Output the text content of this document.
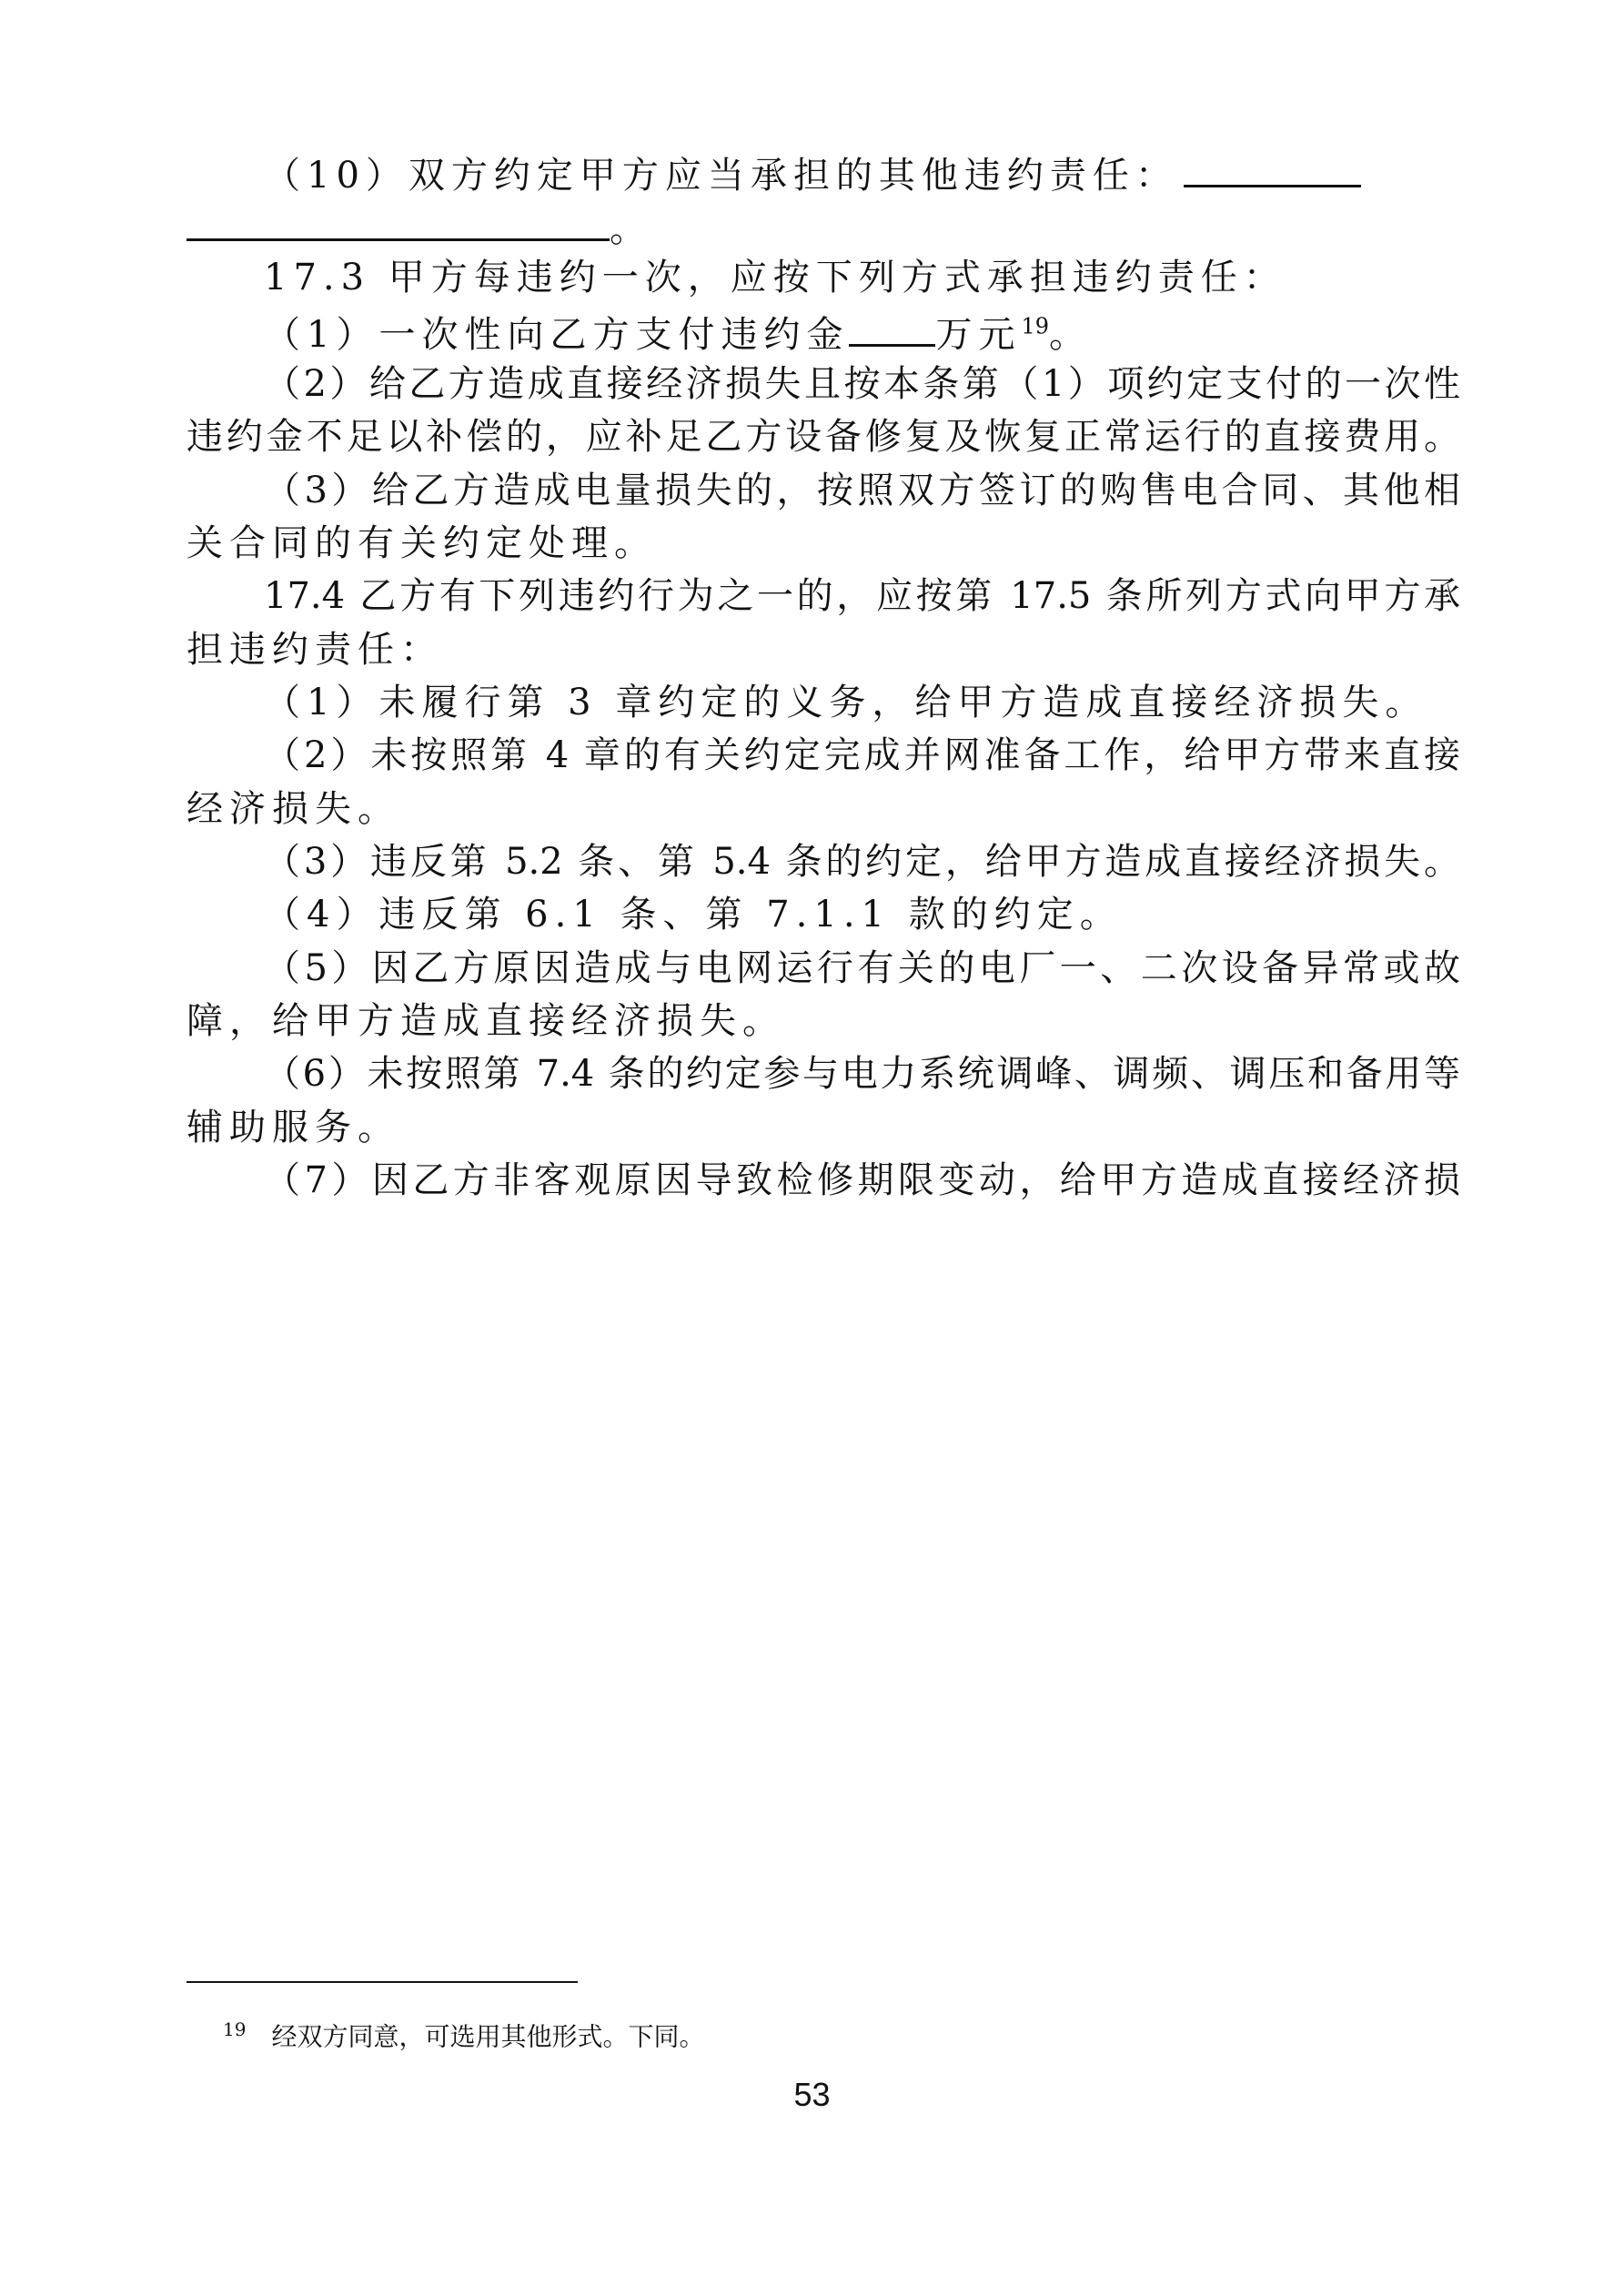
（10）双方约定甲方应当承担的其他违约责任：
。
17.3 甲方每违约一次，应按下列方式承担违约责任：
（1）一次性向乙方支付违约金 万元$^{19}$。
（2）给乙方造成直接经济损失且按本条第（1）项约定支付的一次性
违约金不足以补偿的，应补足乙方设备修复及恢复正常运行的直接费用。
（3）给乙方造成电量损失的，按照双方签订的购售电合同、其他相
关合同的有关约定处理。
17.4 乙方有下列违约行为之一的，应按第 17.5 条所列方式向甲方承
担违约责任：
（1）未履行第 3 章约定的义务，给甲方造成直接经济损失。
（2）未按照第 4 章的有关约定完成并网准备工作，给甲方带来直接
经济损失。
（3）违反第 5.2 条、第 5.4 条的约定，给甲方造成直接经济损失。
（4）违反第 6.1 条、第 7.1.1 款的约定。
（5）因乙方原因造成与电网运行有关的电厂一、二次设备异常或故
障，给甲方造成直接经济损失。
（6）未按照第 7.4 条的约定参与电力系统调峰、调频、调压和备用等
辅助服务。
（7）因乙方非客观原因导致检修期限变动，给甲方造成直接经济损
$^{19}$ 经双方同意，可选用其他形式。下同。
53
